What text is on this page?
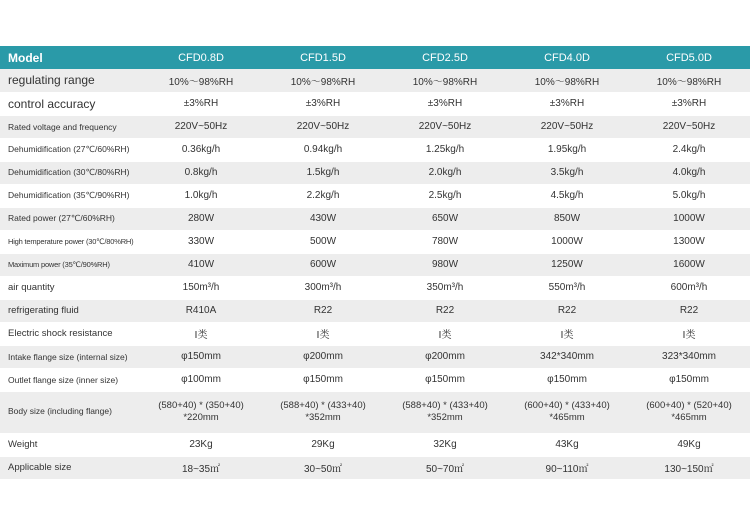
Model	CFD0.8D	CFD1.5D	CFD2.5D	CFD4.0D	CFD5.0D
regulating range	10%～98%RH	10%～98%RH	10%～98%RH	10%～98%RH	10%～98%RH
control accuracy	±3%RH	±3%RH	±3%RH	±3%RH	±3%RH
Rated voltage and frequency	220V~50Hz	220V~50Hz	220V~50Hz	220V~50Hz	220V~50Hz
Dehumidification (27℃/60%RH)	0.36kg/h	0.94kg/h	1.25kg/h	1.95kg/h	2.4kg/h
Dehumidification (30℃/80%RH)	0.8kg/h	1.5kg/h	2.0kg/h	3.5kg/h	4.0kg/h
Dehumidification (35℃/90%RH)	1.0kg/h	2.2kg/h	2.5kg/h	4.5kg/h	5.0kg/h
Rated power (27℃/60%RH)	280W	430W	650W	850W	1000W
High temperature power (30℃/80%RH)	330W	500W	780W	1000W	1300W
Maximum power (35℃/90%RH)	410W	600W	980W	1250W	1600W
air quantity	150m³/h	300m³/h	350m³/h	550m³/h	600m³/h
refrigerating fluid	R410A	R22	R22	R22	R22
Electric shock resistance	Ⅰ类	Ⅰ类	Ⅰ类	Ⅰ类	Ⅰ类
Intake flange size (internal size)	φ150mm	φ200mm	φ200mm	342*340mm	323*340mm
Outlet flange size (inner size)	φ100mm	φ150mm	φ150mm	φ150mm	φ150mm
Body size (including flange)	(580+40) * (350+40) *220mm	(588+40) * (433+40) *352mm	(588+40) * (433+40) *352mm	(600+40) * (433+40) *465mm	(600+40) * (520+40) *465mm
Weight	23Kg	29Kg	32Kg	43Kg	49Kg
Applicable size	18~35㎡	30~50㎡	50~70㎡	90~110㎡	130~150㎡
